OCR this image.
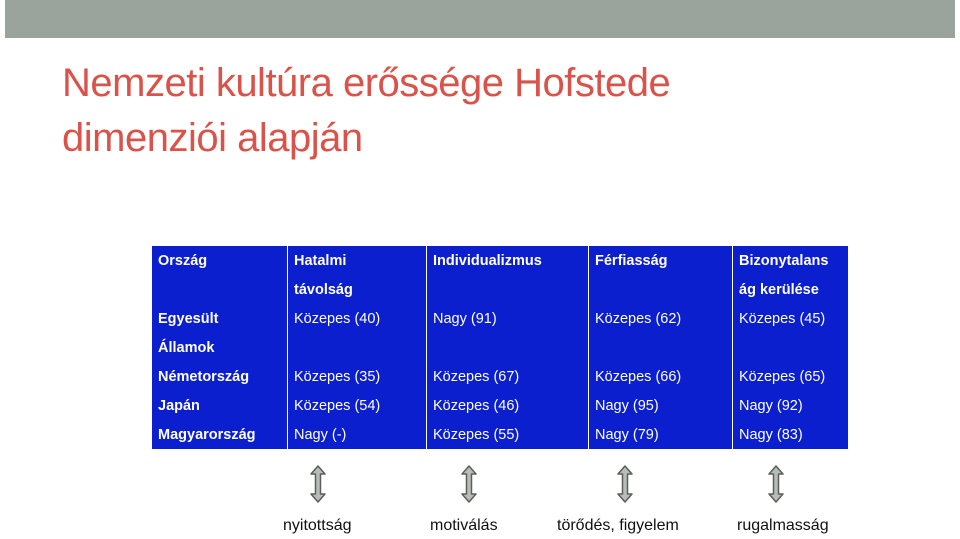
Nemzeti kultúra erőssége Hofstede
dimenziói alapján
Ország	Hatalmi	Individualizmus	Férfiasság	Bizonytalans
	távolság			ág kerülése
Egyesült	Közepes (40)	Nagy (91)	Közepes (62)	Közepes (45)
Államok				
Németország	Közepes (35)	Közepes (67)	Közepes (66)	Közepes (65)
Japán	Közepes (54)	Közepes (46)	Nagy (95)	Nagy (92)
Magyarország	Nagy (-)	Közepes (55)	Nagy (79)	Nagy (83)
nyitottság	motiválás	törődés, figyelem	rugalmasság
